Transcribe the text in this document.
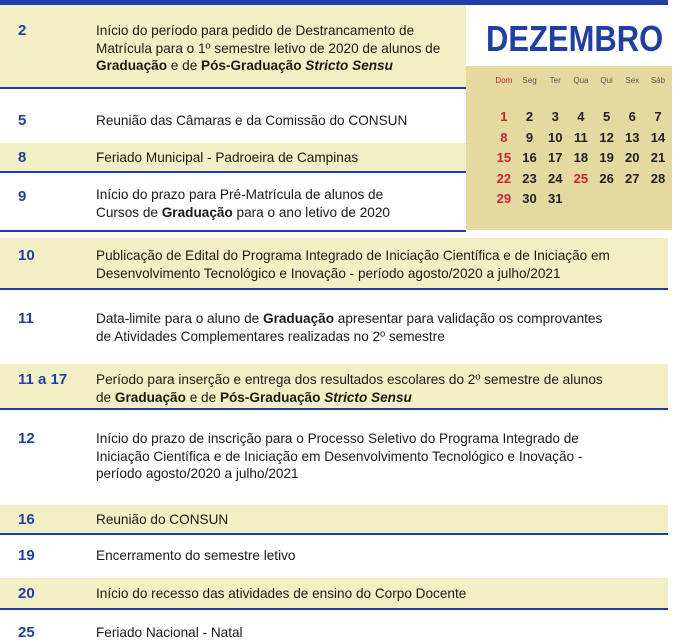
2	Início do período para pedido de Destrancamento de
Matrícula para o 1º semestre letivo de 2020 de alunos de
Graduação e de Pós-Graduação Stricto Sensu
5	Reunião das Câmaras e da Comissão do CONSUN
8	Feriado Municipal - Padroeira de Campinas
9	Início do prazo para Pré-Matrícula de alunos de
Cursos de Graduação para o ano letivo de 2020
10	Publicação de Edital do Programa Integrado de Iniciação Científica e de Iniciação em
Desenvolvimento Tecnológico e Inovação - período agosto/2020 a julho/2021
11	Data-limite para o aluno de Graduação apresentar para validação os comprovantes
de Atividades Complementares realizadas no 2º semestre
11 a 17 Período para inserção e entrega dos resultados escolares do 2º semestre de alunos
de Graduação e de Pós-Graduação Stricto Sensu
12	Início do prazo de inscrição para o Processo Seletivo do Programa Integrado de
Iniciação Científica e de Iniciação em Desenvolvimento Tecnológico e Inovação -
período agosto/2020 a julho/2021
16	Reunião do CONSUN
19	Encerramento do semestre letivo
20	Início do recesso das atividades de ensino do Corpo Docente
25	Feriado Nacional - Natal
DEZEMBRO
Dom	Seg	Ter	Qua	Qui	Sex	Sáb
1	2	3	4	5	6	7
8	9	10 11 12 13 14
15 16 17 18 19 20 21
22 23 24 25 26 27 28
29 30 31
